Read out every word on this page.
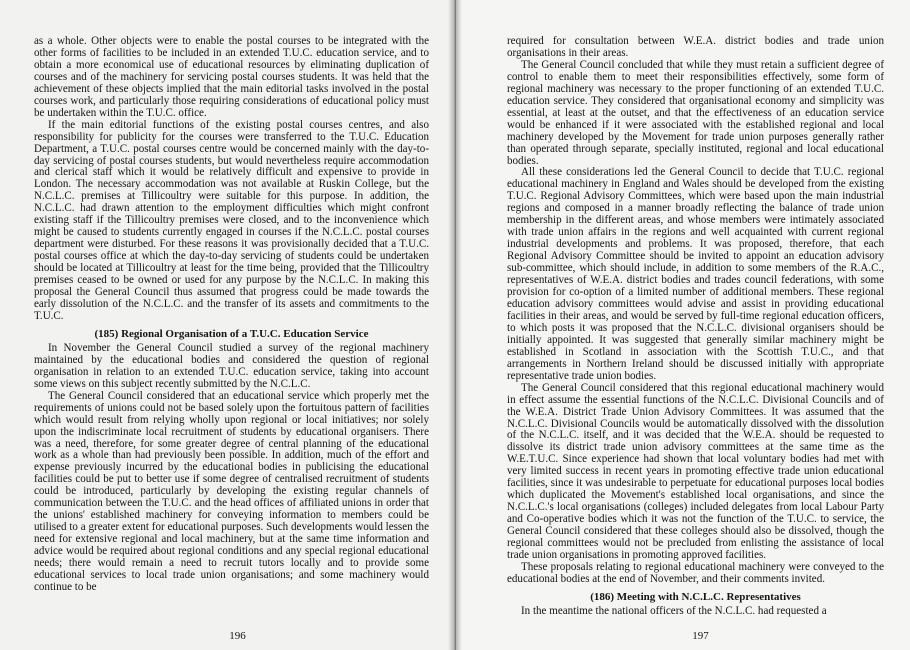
as a whole. Other objects were to enable the postal courses to be integrated with the other forms of facilities to be included in an extended T.U.C. education service, and to obtain a more economical use of educational resources by eliminating duplication of courses and of the machinery for servicing postal courses students. It was held that the achievement of these objects implied that the main editorial tasks involved in the postal courses work, and particularly those requiring considerations of educational policy must be undertaken within the T.U.C. office.

If the main editorial functions of the existing postal courses centres, and also responsibility for publicity for the courses were transferred to the T.U.C. Education Department, a T.U.C. postal courses centre would be concerned mainly with the day-to-day servicing of postal courses students, but would nevertheless require accommodation and clerical staff which it would be relatively difficult and expensive to provide in London. The necessary accommodation was not available at Ruskin College, but the N.C.L.C. premises at Tillicoultry were suitable for this purpose. In addition, the N.C.L.C. had drawn attention to the employment difficulties which might confront existing staff if the Tillicoultry premises were closed, and to the inconvenience which might be caused to students currently engaged in courses if the N.C.L.C. postal courses department were disturbed. For these reasons it was provisionally decided that a T.U.C. postal courses office at which the day-to-day servicing of students could be undertaken should be located at Tillicoultry at least for the time being, provided that the Tillicoultry premises ceased to be owned or used for any purpose by the N.C.L.C. In making this proposal the General Council thus assumed that progress could be made towards the early dissolution of the N.C.L.C. and the transfer of its assets and commitments to the T.U.C.

(185) Regional Organisation of a T.U.C. Education Service

In November the General Council studied a survey of the regional machinery maintained by the educational bodies and considered the question of regional organisation in relation to an extended T.U.C. education service, taking into account some views on this subject recently submitted by the N.C.L.C.

The General Council considered that an educational service which properly met the requirements of unions could not be based solely upon the fortuitous pattern of facilities which would result from relying wholly upon regional or local initiatives; nor solely upon the indiscriminate local recruitment of students by educational organisers. There was a need, therefore, for some greater degree of central planning of the educational work as a whole than had previously been possible. In addition, much of the effort and expense previously incurred by the educational bodies in publicising the educational facilities could be put to better use if some degree of centralised recruitment of students could be introduced, particularly by developing the existing regular channels of communication between the T.U.C. and the head offices of affiliated unions in order that the unions' established machinery for conveying information to members could be utilised to a greater extent for educational purposes. Such developments would lessen the need for extensive regional and local machinery, but at the same time information and advice would be required about regional conditions and any special regional educational needs; there would remain a need to recruit tutors locally and to provide some educational services to local trade union organisations; and some machinery would continue to be

196

required for consultation between W.E.A. district bodies and trade union organisations in their areas.

The General Council concluded that while they must retain a sufficient degree of control to enable them to meet their responsibilities effectively, some form of regional machinery was necessary to the proper functioning of an extended T.U.C. education service. They considered that organisational economy and simplicity was essential, at least at the outset, and that the effectiveness of an education service would be enhanced if it were associated with the established regional and local machinery developed by the Movement for trade union purposes generally rather than operated through separate, specially instituted, regional and local educational bodies.

All these considerations led the General Council to decide that T.U.C. regional educational machinery in England and Wales should be developed from the existing T.U.C. Regional Advisory Committees, which were based upon the main industrial regions and composed in a manner broadly reflecting the balance of trade union membership in the different areas, and whose members were intimately associated with trade union affairs in the regions and well acquainted with current regional industrial developments and problems. It was proposed, therefore, that each Regional Advisory Committee should be invited to appoint an education advisory sub-committee, which should include, in addition to some members of the R.A.C., representatives of W.E.A. district bodies and trades council federations, with some provision for co-option of a limited number of additional members. These regional education advisory committees would advise and assist in providing educational facilities in their areas, and would be served by full-time regional education officers, to which posts it was proposed that the N.C.L.C. divisional organisers should be initially appointed. It was suggested that generally similar machinery might be established in Scotland in association with the Scottish T.U.C., and that arrangements in Northern Ireland should be discussed initially with appropriate representative trade union bodies.

The General Council considered that this regional educational machinery would in effect assume the essential functions of the N.C.L.C. Divisional Councils and of the W.E.A. District Trade Union Advisory Committees. It was assumed that the N.C.L.C. Divisional Councils would be automatically dissolved with the dissolution of the N.C.L.C. itself, and it was decided that the W.E.A. should be requested to dissolve its district trade union advisory committees at the same time as the W.E.T.U.C. Since experience had shown that local voluntary bodies had met with very limited success in recent years in promoting effective trade union educational facilities, since it was undesirable to perpetuate for educational purposes local bodies which duplicated the Movement's established local organisations, and since the N.C.L.C.'s local organisations (colleges) included delegates from local Labour Party and Co-operative bodies which it was not the function of the T.U.C. to service, the General Council considered that these colleges should also be dissolved, though the regional committees would not be precluded from enlisting the assistance of local trade union organisations in promoting approved facilities.

These proposals relating to regional educational machinery were conveyed to the educational bodies at the end of November, and their comments invited.

(186) Meeting with N.C.L.C. Representatives

In the meantime the national officers of the N.C.L.C. had requested a

197
